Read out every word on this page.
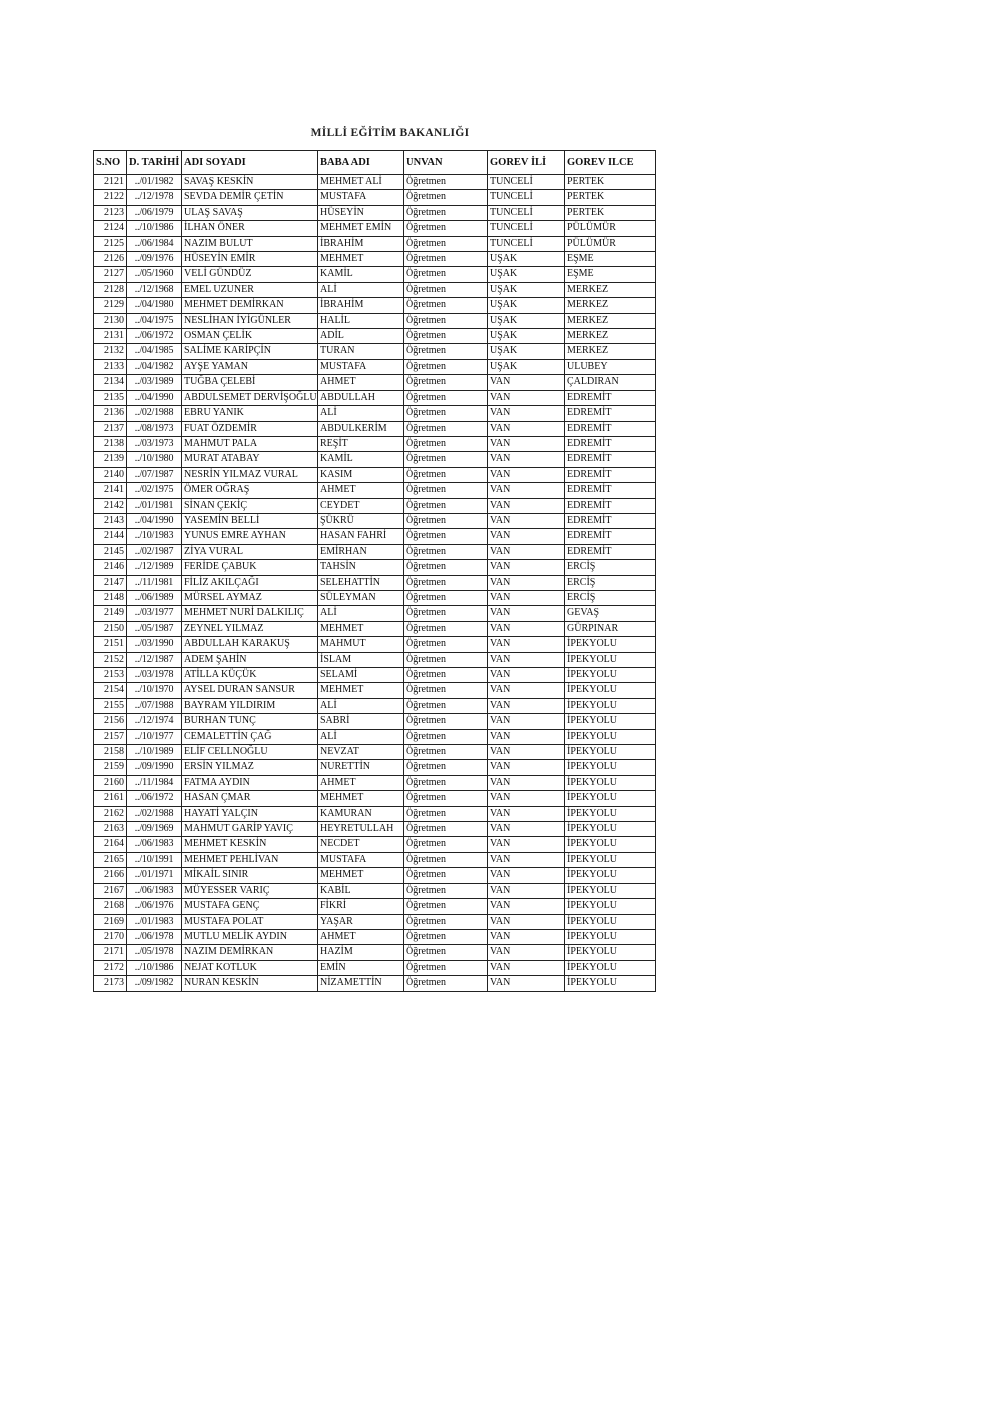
MİLLİ EĞİTİM BAKANLIĞI
S.NO	D. TARİHİ	ADI SOYADI	BABA ADI	UNVAN	GOREV İLİ	GOREV ILCE
2121	../01/1982	SAVAŞ KESKİN	MEHMET ALİ	Öğretmen	TUNCELİ	PERTEK
2122	../12/1978	SEVDA DEMİR ÇETİN	MUSTAFA	Öğretmen	TUNCELİ	PERTEK
2123	../06/1979	ULAŞ SAVAŞ	HÜSEYİN	Öğretmen	TUNCELİ	PERTEK
2124	../10/1986	İLHAN ÖNER	MEHMET EMİN	Öğretmen	TUNCELİ	PÜLÜMÜR
2125	../06/1984	NAZIM BULUT	İBRAHİM	Öğretmen	TUNCELİ	PÜLÜMÜR
2126	../09/1976	HÜSEYİN EMİR	MEHMET	Öğretmen	UŞAK	EŞME
2127	../05/1960	VELİ GÜNDÜZ	KAMİL	Öğretmen	UŞAK	EŞME
2128	../12/1968	EMEL UZUNER	ALİ	Öğretmen	UŞAK	MERKEZ
2129	../04/1980	MEHMET DEMİRKAN	İBRAHİM	Öğretmen	UŞAK	MERKEZ
2130	../04/1975	NESLİHAN İYİGÜNLER	HALİL	Öğretmen	UŞAK	MERKEZ
2131	../06/1972	OSMAN ÇELİK	ADİL	Öğretmen	UŞAK	MERKEZ
2132	../04/1985	SALİME KARİPÇİN	TURAN	Öğretmen	UŞAK	MERKEZ
2133	../04/1982	AYŞE YAMAN	MUSTAFA	Öğretmen	UŞAK	ULUBEY
2134	../03/1989	TUĞBA ÇELEBİ	AHMET	Öğretmen	VAN	ÇALDIRAN
2135	../04/1990	ABDULSEMET DERVİŞOĞLU	ABDULLAH	Öğretmen	VAN	EDREMİT
2136	../02/1988	EBRU YANIK	ALİ	Öğretmen	VAN	EDREMİT
2137	../08/1973	FUAT ÖZDEMİR	ABDULKERİM	Öğretmen	VAN	EDREMİT
2138	../03/1973	MAHMUT PALA	REŞİT	Öğretmen	VAN	EDREMİT
2139	../10/1980	MURAT ATABAY	KAMİL	Öğretmen	VAN	EDREMİT
2140	../07/1987	NESRİN YILMAZ VURAL	KASIM	Öğretmen	VAN	EDREMİT
2141	../02/1975	ÖMER OĞRAŞ	AHMET	Öğretmen	VAN	EDREMİT
2142	../01/1981	SİNAN ÇEKİÇ	CEYDET	Öğretmen	VAN	EDREMİT
2143	../04/1990	YASEMİN BELLİ	ŞÜKRÜ	Öğretmen	VAN	EDREMİT
2144	../10/1983	YUNUS EMRE AYHAN	HASAN FAHRİ	Öğretmen	VAN	EDREMİT
2145	../02/1987	ZİYA VURAL	EMİRHAN	Öğretmen	VAN	EDREMİT
2146	../12/1989	FERİDE ÇABUK	TAHSİN	Öğretmen	VAN	ERCİŞ
2147	../11/1981	FİLİZ AKILÇAĞI	SELEHATTİN	Öğretmen	VAN	ERCİŞ
2148	../06/1989	MÜRSEL AYMAZ	SÜLEYMAN	Öğretmen	VAN	ERCİŞ
2149	../03/1977	MEHMET NURİ DALKILIÇ	ALİ	Öğretmen	VAN	GEVAŞ
2150	../05/1987	ZEYNEL YILMAZ	MEHMET	Öğretmen	VAN	GÜRPINAR
2151	../03/1990	ABDULLAH KARAKUŞ	MAHMUT	Öğretmen	VAN	İPEKYOLU
2152	../12/1987	ADEM ŞAHİN	İSLAM	Öğretmen	VAN	İPEKYOLU
2153	../03/1978	ATİLLA KÜÇÜK	SELAMİ	Öğretmen	VAN	İPEKYOLU
2154	../10/1970	AYSEL DURAN SANSUR	MEHMET	Öğretmen	VAN	İPEKYOLU
2155	../07/1988	BAYRAM YILDIRIM	ALİ	Öğretmen	VAN	İPEKYOLU
2156	../12/1974	BURHAN TUNÇ	SABRİ	Öğretmen	VAN	İPEKYOLU
2157	../10/1977	CEMALETTİN ÇAĞ	ALİ	Öğretmen	VAN	İPEKYOLU
2158	../10/1989	ELİF CELLNOĞLU	NEVZAT	Öğretmen	VAN	İPEKYOLU
2159	../09/1990	ERSİN YILMAZ	NURETTİN	Öğretmen	VAN	İPEKYOLU
2160	../11/1984	FATMA AYDIN	AHMET	Öğretmen	VAN	İPEKYOLU
2161	../06/1972	HASAN ÇMAR	MEHMET	Öğretmen	VAN	İPEKYOLU
2162	../02/1988	HAYATİ YALÇIN	KAMURAN	Öğretmen	VAN	İPEKYOLU
2163	../09/1969	MAHMUT GARİP YAVIÇ	HEYRETULLAH	Öğretmen	VAN	İPEKYOLU
2164	../06/1983	MEHMET KESKİN	NECDET	Öğretmen	VAN	İPEKYOLU
2165	../10/1991	MEHMET PEHLİVAN	MUSTAFA	Öğretmen	VAN	İPEKYOLU
2166	../01/1971	MİKAİL SINIR	MEHMET	Öğretmen	VAN	İPEKYOLU
2167	../06/1983	MÜYESSER VARIÇ	KABİL	Öğretmen	VAN	İPEKYOLU
2168	../06/1976	MUSTAFA GENÇ	FİKRİ	Öğretmen	VAN	İPEKYOLU
2169	../01/1983	MUSTAFA POLAT	YAŞAR	Öğretmen	VAN	İPEKYOLU
2170	../06/1978	MUTLU MELİK AYDIN	AHMET	Öğretmen	VAN	İPEKYOLU
2171	../05/1978	NAZIM DEMİRKAN	HAZİM	Öğretmen	VAN	İPEKYOLU
2172	../10/1986	NEJAT KOTLUK	EMİN	Öğretmen	VAN	İPEKYOLU
2173	../09/1982	NURAN KESKİN	NİZAMETTİN	Öğretmen	VAN	İPEKYOLU
